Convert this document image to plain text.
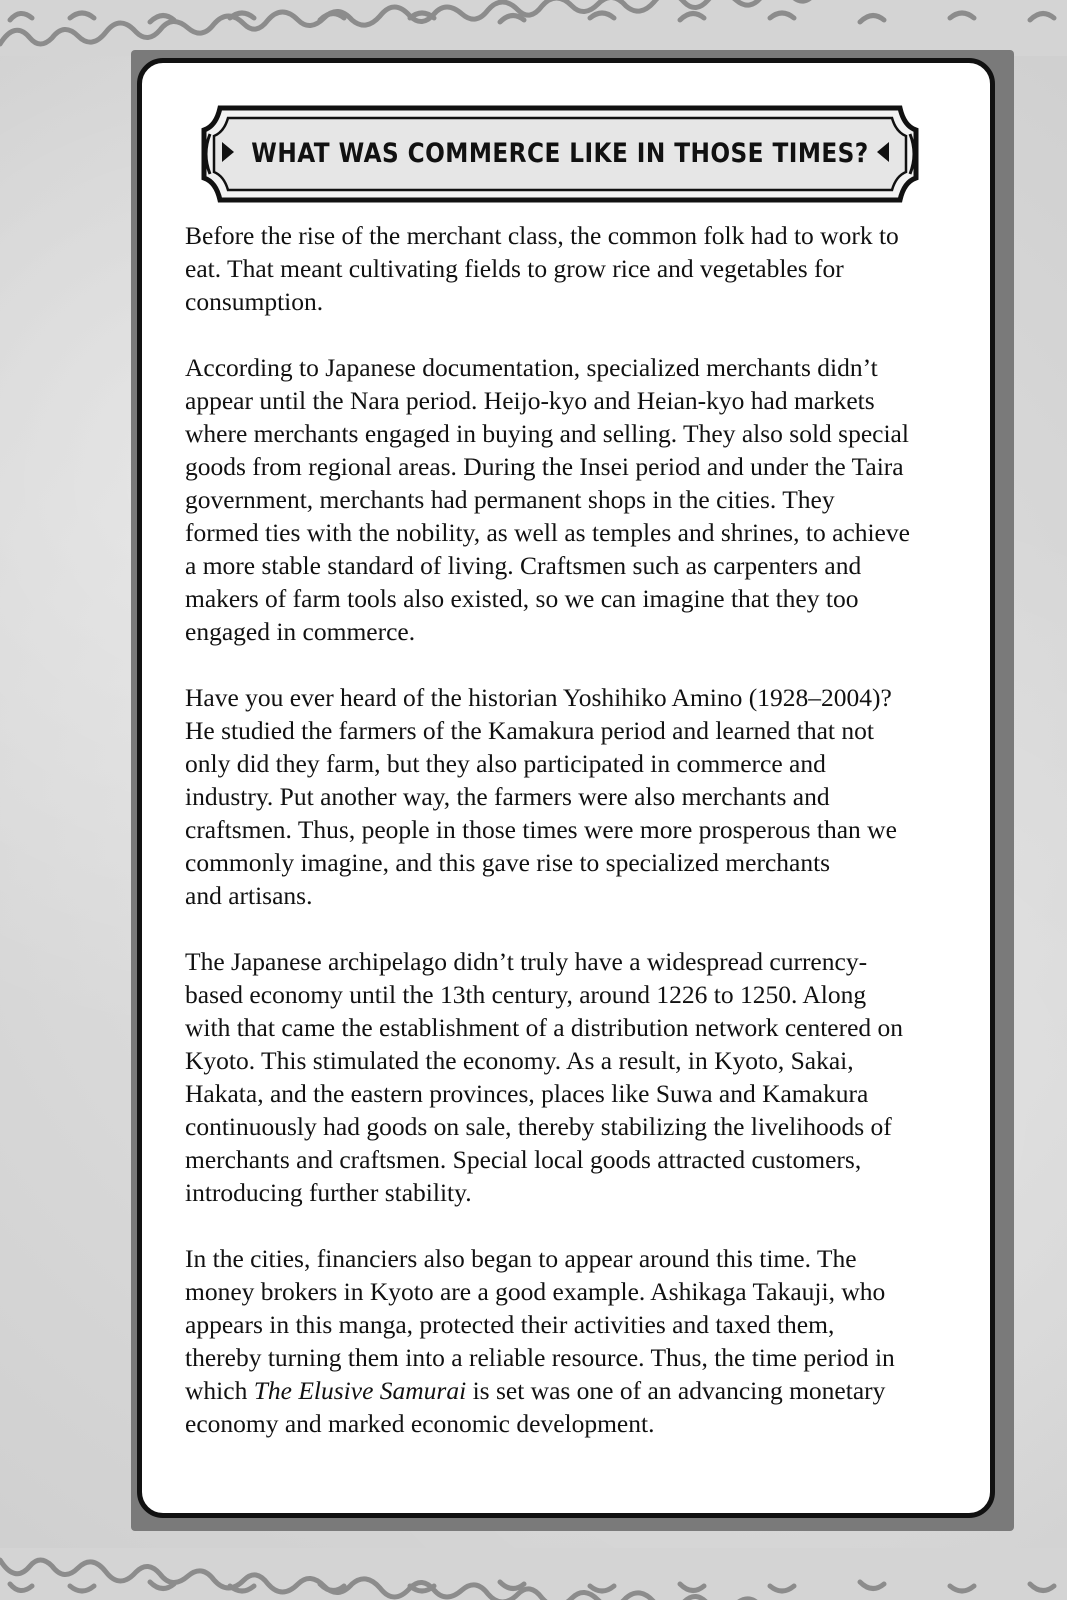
WHAT WAS COMMERCE LIKE IN THOSE TIMES?

Before the rise of the merchant class, the common folk had to work to
eat. That meant cultivating fields to grow rice and vegetables for
consumption.

According to Japanese documentation, specialized merchants didn’t
appear until the Nara period. Heijo-kyo and Heian-kyo had markets
where merchants engaged in buying and selling. They also sold special
goods from regional areas. During the Insei period and under the Taira
government, merchants had permanent shops in the cities. They
formed ties with the nobility, as well as temples and shrines, to achieve
a more stable standard of living. Craftsmen such as carpenters and
makers of farm tools also existed, so we can imagine that they too
engaged in commerce.

Have you ever heard of the historian Yoshihiko Amino (1928–2004)?
He studied the farmers of the Kamakura period and learned that not
only did they farm, but they also participated in commerce and
industry. Put another way, the farmers were also merchants and
craftsmen. Thus, people in those times were more prosperous than we
commonly imagine, and this gave rise to specialized merchants
and artisans.

The Japanese archipelago didn’t truly have a widespread currency-
based economy until the 13th century, around 1226 to 1250. Along
with that came the establishment of a distribution network centered on
Kyoto. This stimulated the economy. As a result, in Kyoto, Sakai,
Hakata, and the eastern provinces, places like Suwa and Kamakura
continuously had goods on sale, thereby stabilizing the livelihoods of
merchants and craftsmen. Special local goods attracted customers,
introducing further stability.

In the cities, financiers also began to appear around this time. The
money brokers in Kyoto are a good example. Ashikaga Takauji, who
appears in this manga, protected their activities and taxed them,
thereby turning them into a reliable resource. Thus, the time period in
which The Elusive Samurai is set was one of an advancing monetary
economy and marked economic development.
